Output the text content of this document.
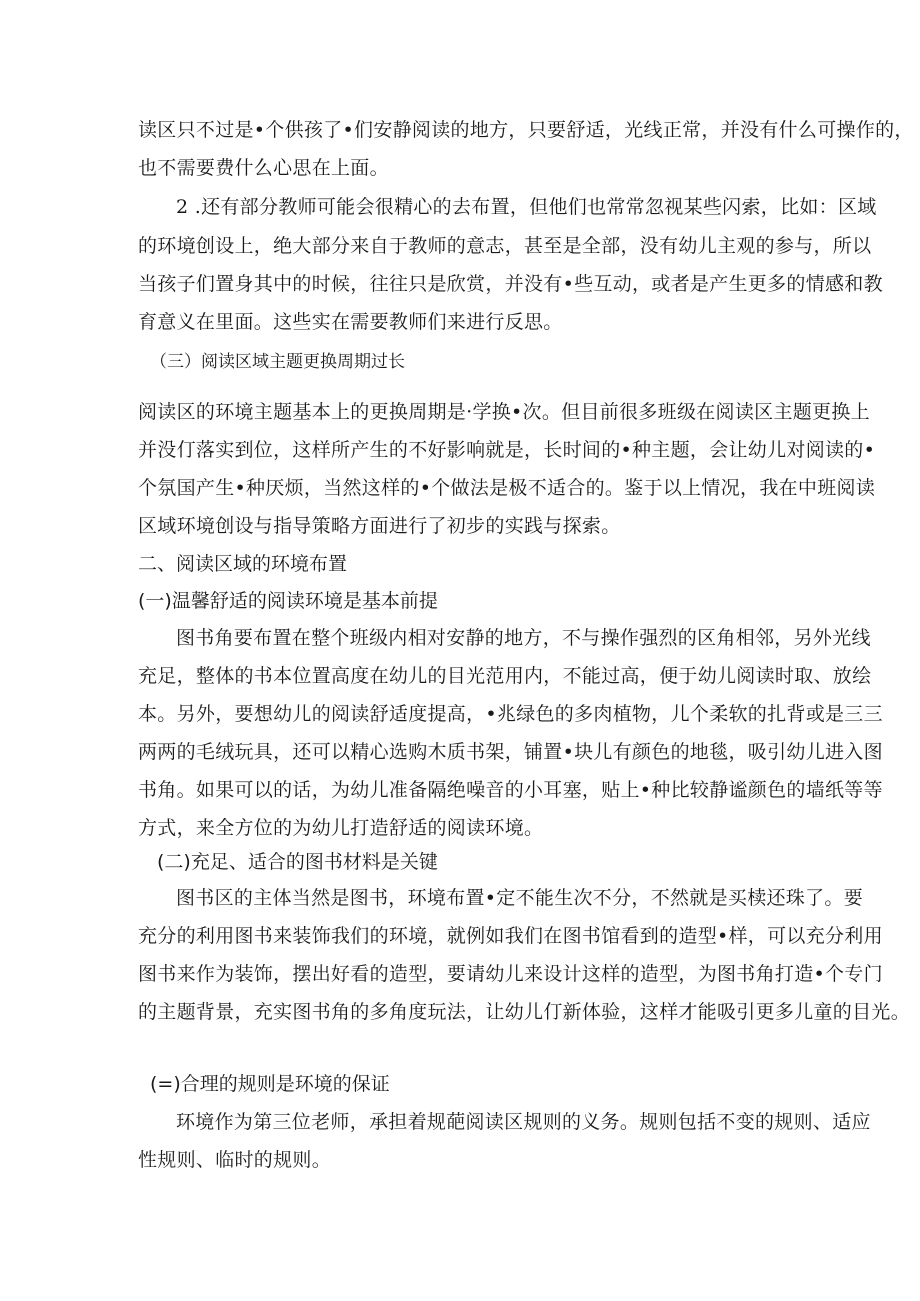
读区只不过是•个供孩了•们安静阅读的地方，只要舒适，光线正常，并没有什么可操作的，
也不需要费什么心思在上面。
2 .还有部分教师可能会很精心的去布置，但他们也常常忽视某些闪索，比如：区域
的环境创设上，绝大部分来自于教师的意志，甚至是全部，没有幼儿主观的参与，所以
当孩子们置身其中的时候，往往只是欣赏，并没有•些互动，或者是产生更多的情感和教
育意义在里面。这些实在需要教师们来进行反思。
（三）阅读区域主题更换周期过长
阅读区的环境主题基本上的更换周期是·学换•次。但目前很多班级在阅读区主题更换上
并没仃落实到位，这样所产生的不好影响就是，长时间的•种主题，会让幼儿对阅读的•
个氛国产生•种厌烦，当然这样的•个做法是极不适合的。鉴于以上情况，我在中班阅读
区域环境创设与指导策略方面进行了初步的实践与探索。
二、阅读区域的环境布置
(一)温馨舒适的阅读环境是基本前提
图书角要布置在整个班级内相对安静的地方，不与操作强烈的区角相邻，另外光线
充足，整体的书本位置高度在幼儿的目光范用内，不能过高，便于幼儿阅读时取、放绘
本。另外，要想幼儿的阅读舒适度提高，•兆绿色的多肉植物，儿个柔软的扎背或是三三
两两的毛绒玩具，还可以精心选购木质书架，铺置•块儿有颜色的地毯，吸引幼儿进入图
书角。如果可以的话，为幼儿准备隔绝噪音的小耳塞，贴上•种比较静谧颜色的墙纸等等
方式，来全方位的为幼儿打造舒适的阅读环境。
(二)充足、适合的图书材料是关键
图书区的主体当然是图书，环境布置•定不能生次不分，不然就是买椟还珠了。要
充分的利用图书来装饰我们的环境，就例如我们在图书馆看到的造型•样，可以充分利用
图书来作为装饰，摆出好看的造型，要请幼儿来设计这样的造型，为图书角打造•个专门
的主题背景，充实图书角的多角度玩法，让幼儿仃新体验，这样才能吸引更多儿童的目光。
(=)合理的规则是环境的保证
环境作为第三位老师，承担着规葩阅读区规则的义务。规则包括不变的规则、适应
性规则、临时的规则。
